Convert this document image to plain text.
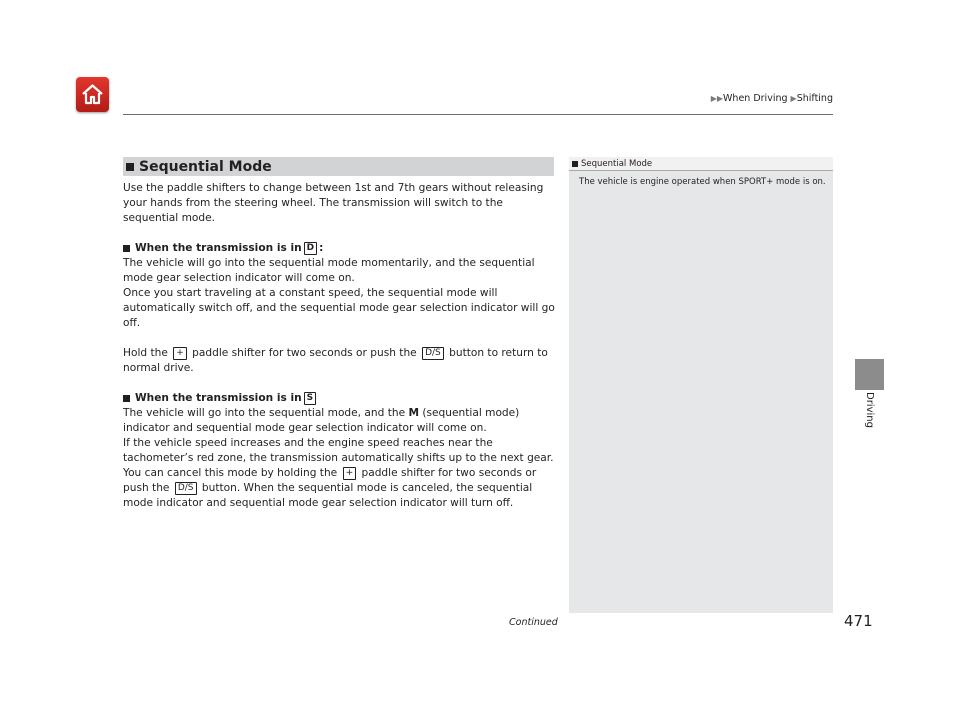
▶▶When Driving ▶Shifting
Driving
Sequential Mode

Use the paddle shifters to change between 1st and 7th gears without releasing your hands from the steering wheel. The transmission will switch to the sequential mode.

When the transmission is in D :

The vehicle will go into the sequential mode momentarily, and the sequential mode gear selection indicator will come on.

Once you start traveling at a constant speed, the sequential mode will automatically switch off, and the sequential mode gear selection indicator will go off.

Hold the + paddle shifter for two seconds or push the D/S button to return to normal drive.

When the transmission is in S

The vehicle will go into the sequential mode, and the M (sequential mode) indicator and sequential mode gear selection indicator will come on.

If the vehicle speed increases and the engine speed reaches near the tachometer’s red zone, the transmission automatically shifts up to the next gear.

You can cancel this mode by holding the + paddle shifter for two seconds or push the D/S button. When the sequential mode is canceled, the sequential mode indicator and sequential mode gear selection indicator will turn off.

Sequential Mode
The vehicle is engine operated when SPORT+ mode is on.
Continued	471
